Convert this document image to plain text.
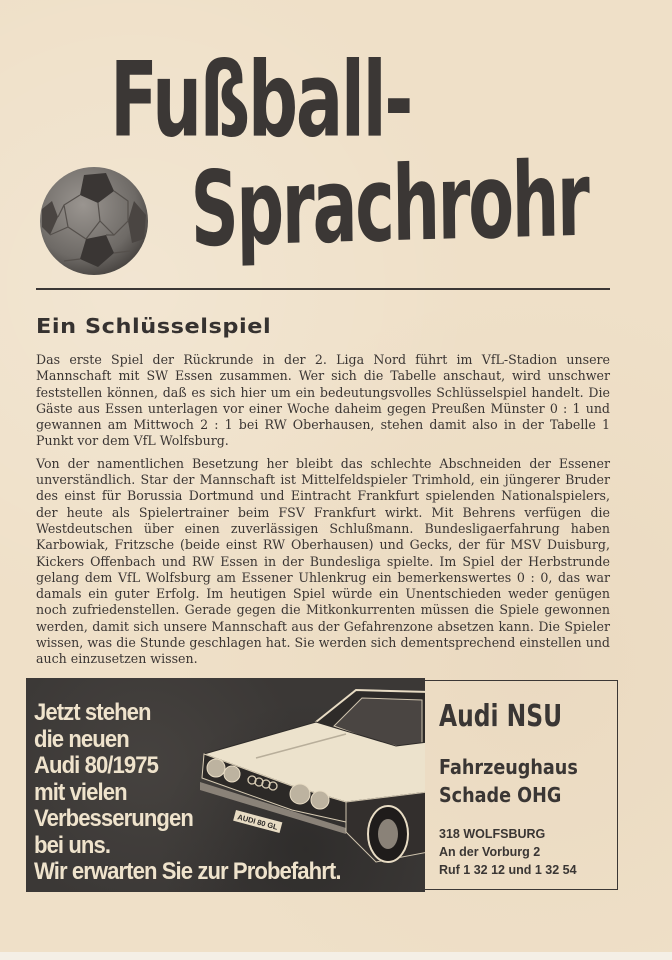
Fußball-
Sprachrohr
Ein Schlüsselspiel

Das erste Spiel der Rückrunde in der 2. Liga Nord führt im VfL-Stadion unsere Mannschaft mit SW Essen zusammen. Wer sich die Tabelle anschaut, wird unschwer feststellen können, daß es sich hier um ein bedeutungsvolles Schlüsselspiel handelt. Die Gäste aus Essen unterlagen vor einer Woche daheim gegen Preußen Münster 0 : 1 und gewannen am Mittwoch 2 : 1 bei RW Oberhausen, stehen damit also in der Tabelle 1 Punkt vor dem VfL Wolfsburg.

Von der namentlichen Besetzung her bleibt das schlechte Abschneiden der Essener unverständlich. Star der Mannschaft ist Mittelfeldspieler Trimhold, ein jüngerer Bruder des einst für Borussia Dortmund und Eintracht Frankfurt spielenden Nationalspielers, der heute als Spielertrainer beim FSV Frankfurt wirkt. Mit Behrens verfügen die Westdeutschen über einen zuverlässigen Schlußmann. Bundesligaerfahrung haben Karbowiak, Fritzsche (beide einst RW Oberhausen) und Gecks, der für MSV Duisburg, Kickers Offenbach und RW Essen in der Bundesliga spielte. Im Spiel der Herbstrunde gelang dem VfL Wolfsburg am Essener Uhlenkrug ein bemerkenswertes 0 : 0, das war damals ein guter Erfolg. Im heutigen Spiel würde ein Unentschieden weder genügen noch zufriedenstellen. Gerade gegen die Mitkonkurrenten müssen die Spiele gewonnen werden, damit sich unsere Mannschaft aus der Gefahrenzone absetzen kann. Die Spieler wissen, was die Stunde geschlagen hat. Sie werden sich dementsprechend einstellen und auch einzusetzen wissen.

AUDI 80 GL
Jetzt stehen
die neuen
Audi 80/1975
mit vielen
Verbesserungen
bei uns.
Wir erwarten Sie zur Probefahrt.
Audi NSU
Fahrzeughaus
Schade OHG
318 WOLFSBURG
An der Vorburg 2
Ruf 1 32 12 und 1 32 54
